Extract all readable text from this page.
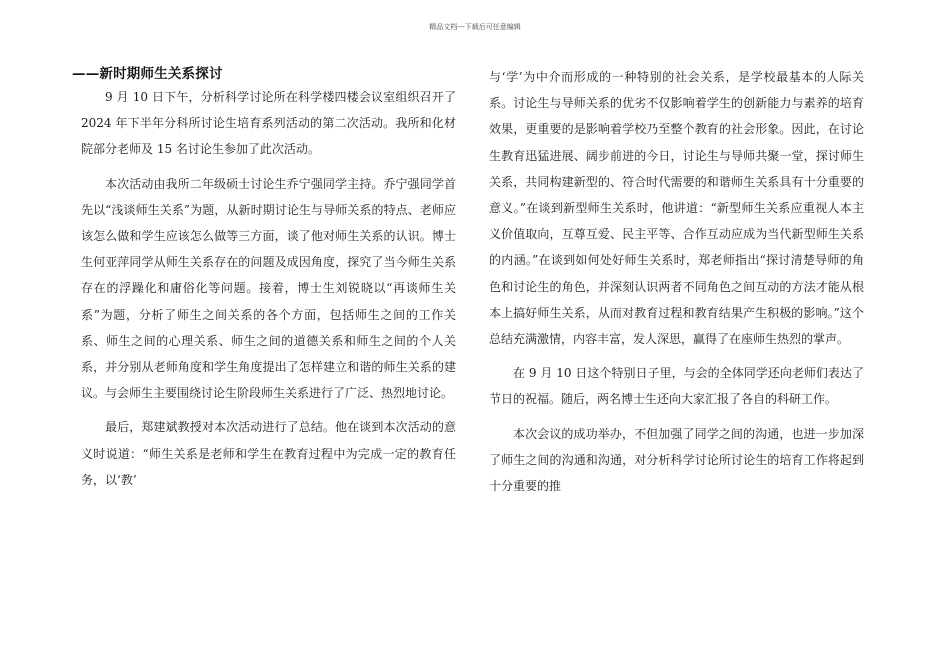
精品文档---下载后可任意编辑
——新时期师生关系探讨

9 月 10 日下午，分析科学讨论所在科学楼四楼会议室组织召开了 2024 年下半年分科所讨论生培育系列活动的第二次活动。我所和化材院部分老师及 15 名讨论生参加了此次活动。

本次活动由我所二年级硕士讨论生乔宁强同学主持。乔宁强同学首先以“浅谈师生关系”为题，从新时期讨论生与导师关系的特点、老师应该怎么做和学生应该怎么做等三方面，谈了他对师生关系的认识。博士生何亚萍同学从师生关系存在的问题及成因角度，探究了当今师生关系存在的浮躁化和庸俗化等问题。接着，博士生刘锐晓以“再谈师生关系”为题，分析了师生之间关系的各个方面，包括师生之间的工作关系、师生之间的心理关系、师生之间的道德关系和师生之间的个人关系，并分别从老师角度和学生角度提出了怎样建立和谐的师生关系的建议。与会师生主要围绕讨论生阶段师生关系进行了广泛、热烈地讨论。

最后，郑建斌教授对本次活动进行了总结。他在谈到本次活动的意义时说道：“师生关系是老师和学生在教育过程中为完成一定的教育任务，以‘教’

与‘学’为中介而形成的一种特别的社会关系，是学校最基本的人际关系。讨论生与导师关系的优劣不仅影响着学生的创新能力与素养的培育效果，更重要的是影响着学校乃至整个教育的社会形象。因此，在讨论生教育迅猛进展、阔步前进的今日，讨论生与导师共聚一堂，探讨师生关系，共同构建新型的、符合时代需要的和谐师生关系具有十分重要的意义。”在谈到新型师生关系时，他讲道：“新型师生关系应重视人本主义价值取向，互尊互爱、民主平等、合作互动应成为当代新型师生关系的内涵。”在谈到如何处好师生关系时，郑老师指出“探讨清楚导师的角色和讨论生的角色，并深刻认识两者不同角色之间互动的方法才能从根本上搞好师生关系，从而对教育过程和教育结果产生积极的影响。”这个总结充满激情，内容丰富，发人深思，赢得了在座师生热烈的掌声。

在 9 月 10 日这个特别日子里，与会的全体同学还向老师们表达了节日的祝福。随后，两名博士生还向大家汇报了各自的科研工作。

本次会议的成功举办，不但加强了同学之间的沟通，也进一步加深了师生之间的沟通和沟通，对分析科学讨论所讨论生的培育工作将起到十分重要的推
